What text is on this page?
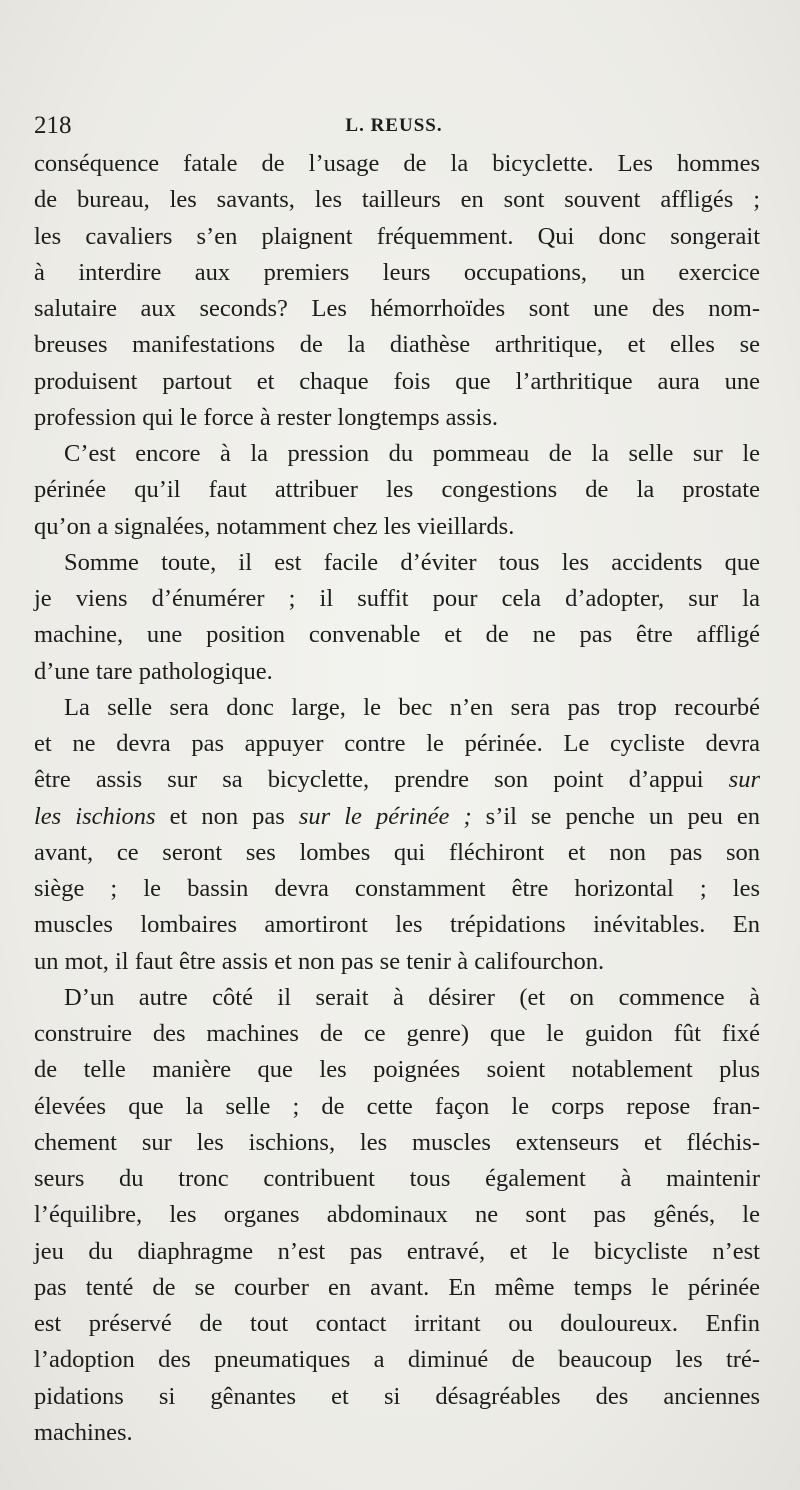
218	L. REUSS.

conséquence fatale de l’usage de la bicyclette. Les hommes
de bureau, les savants, les tailleurs en sont souvent affligés ;
les cavaliers s’en plaignent fréquemment. Qui donc songerait
à interdire aux premiers leurs occupations, un exercice
salutaire aux seconds? Les hémorrhoïdes sont une des nom-
breuses manifestations de la diathèse arthritique, et elles se
produisent partout et chaque fois que l’arthritique aura une
profession qui le force à rester longtemps assis.

C’est encore à la pression du pommeau de la selle sur le
périnée qu’il faut attribuer les congestions de la prostate
qu’on a signalées, notamment chez les vieillards.

Somme toute, il est facile d’éviter tous les accidents que
je viens d’énumérer ; il suffit pour cela d’adopter, sur la
machine, une position convenable et de ne pas être affligé
d’une tare pathologique.

La selle sera donc large, le bec n’en sera pas trop recourbé
et ne devra pas appuyer contre le périnée. Le cycliste devra
être assis sur sa bicyclette, prendre son point d’appui sur
les ischions et non pas sur le périnée ; s’il se penche un peu en
avant, ce seront ses lombes qui fléchiront et non pas son
siège ; le bassin devra constamment être horizontal ; les
muscles lombaires amortiront les trépidations inévitables. En
un mot, il faut être assis et non pas se tenir à califourchon.

D’un autre côté il serait à désirer (et on commence à
construire des machines de ce genre) que le guidon fût fixé
de telle manière que les poignées soient notablement plus
élevées que la selle ; de cette façon le corps repose fran-
chement sur les ischions, les muscles extenseurs et fléchis-
seurs du tronc contribuent tous également à maintenir
l’équilibre, les organes abdominaux ne sont pas gênés, le
jeu du diaphragme n’est pas entravé, et le bicycliste n’est
pas tenté de se courber en avant. En même temps le périnée
est préservé de tout contact irritant ou douloureux. Enfin
l’adoption des pneumatiques a diminué de beaucoup les tré-
pidations si gênantes et si désagréables des anciennes
machines.
